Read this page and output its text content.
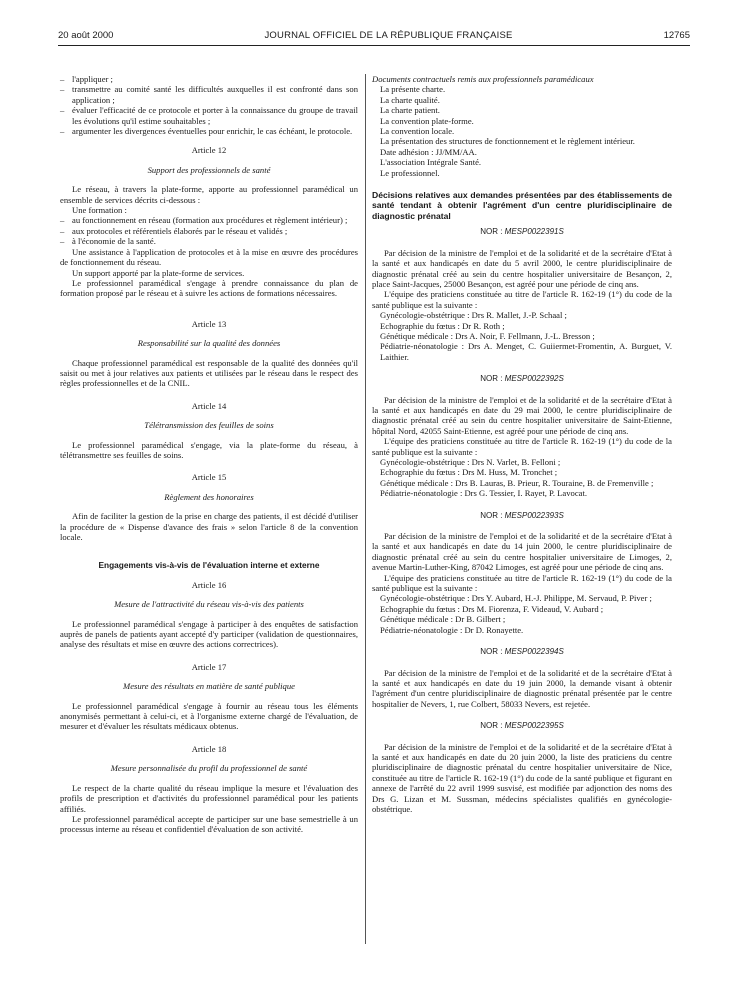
20 août 2000	JOURNAL OFFICIEL DE LA RÉPUBLIQUE FRANÇAISE	12765
– l'appliquer ;
– transmettre au comité santé les difficultés auxquelles il est confronté dans son application ;
– évaluer l'efficacité de ce protocole et porter à la connaissance du groupe de travail les évolutions qu'il estime souhaitables ;
– argumenter les divergences éventuelles pour enrichir, le cas échéant, le protocole.
Article 12
Support des professionnels de santé

Le réseau, à travers la plate-forme, apporte au professionnel paramédical un ensemble de services décrits ci-dessous :

Une formation :

– au fonctionnement en réseau (formation aux procédures et règlement intérieur) ;
– aux protocoles et référentiels élaborés par le réseau et validés ;
– à l'économie de la santé.

Une assistance à l'application de protocoles et à la mise en œuvre des procédures de fonctionnement du réseau.

Un support apporté par la plate-forme de services.

Le professionnel paramédical s'engage à prendre connaissance du plan de formation proposé par le réseau et à suivre les actions de formations nécessaires.

Article 13
Responsabilité sur la qualité des données

Chaque professionnel paramédical est responsable de la qualité des données qu'il saisit ou met à jour relatives aux patients et utilisées par le réseau dans le respect des règles professionnelles et de la CNIL.

Article 14
Télétransmission des feuilles de soins

Le professionnel paramédical s'engage, via la plate-forme du réseau, à télétransmettre ses feuilles de soins.

Article 15
Règlement des honoraires

Afin de faciliter la gestion de la prise en charge des patients, il est décidé d'utiliser la procédure de « Dispense d'avance des frais » selon l'article 8 de la convention locale.

Engagements vis-à-vis de l'évaluation interne et externe
Article 16
Mesure de l'attractivité du réseau vis-à-vis des patients

Le professionnel paramédical s'engage à participer à des enquêtes de satisfaction auprès de panels de patients ayant accepté d'y participer (validation de questionnaires, analyse des résultats et mise en œuvre des actions correctrices).

Article 17
Mesure des résultats en matière de santé publique

Le professionnel paramédical s'engage à fournir au réseau tous les éléments anonymisés permettant à celui-ci, et à l'organisme externe chargé de l'évaluation, de mesurer et d'évaluer les résultats médicaux obtenus.

Article 18
Mesure personnalisée du profil du professionnel de santé

Le respect de la charte qualité du réseau implique la mesure et l'évaluation des profils de prescription et d'activités du professionnel paramédical pour les patients affiliés.

Le professionnel paramédical accepte de participer sur une base semestrielle à un processus interne au réseau et confidentiel d'évaluation de son activité.

Documents contractuels remis aux professionnels paramédicaux

La présente charte.

La charte qualité.

La charte patient.

La convention plate-forme.

La convention locale.

La présentation des structures de fonctionnement et le règlement intérieur.

Date adhésion : JJ/MM/AA.

L'association Intégrale Santé.

Le professionnel.

Décisions relatives aux demandes présentées par des établissements de santé tendant à obtenir l'agrément d'un centre pluridisciplinaire de diagnostic prénatal
NOR : MESP0022391S

Par décision de la ministre de l'emploi et de la solidarité et de la secrétaire d'Etat à la santé et aux handicapés en date du 5 avril 2000, le centre pluridisciplinaire de diagnostic prénatal créé au sein du centre hospitalier universitaire de Besançon, 2, place Saint-Jacques, 25000 Besançon, est agréé pour une période de cinq ans.

L'équipe des praticiens constituée au titre de l'article R. 162-19 (1°) du code de la santé publique est la suivante :

Gynécologie-obstétrique : Drs R. Mallet, J.-P. Schaal ;

Echographie du fœtus : Dr R. Roth ;

Génétique médicale : Drs A. Noir, F. Fellmann, J.-L. Bresson ;

Pédiatrie-néonatologie : Drs A. Menget, C. Guiiermet-Fromentin, A. Burguet, V. Laithier.

NOR : MESP0022392S

Par décision de la ministre de l'emploi et de la solidarité et de la secrétaire d'Etat à la santé et aux handicapés en date du 29 mai 2000, le centre pluridisciplinaire de diagnostic prénatal créé au sein du centre hospitalier universitaire de Saint-Etienne, hôpital Nord, 42055 Saint-Etienne, est agréé pour une période de cinq ans.

L'équipe des praticiens constituée au titre de l'article R. 162-19 (1°) du code de la santé publique est la suivante :

Gynécologie-obstétrique : Drs N. Varlet, B. Felloni ;

Echographie du fœtus : Drs M. Huss, M. Tronchet ;

Génétique médicale : Drs B. Lauras, B. Prieur, R. Touraine, B. de Fremenville ;

Pédiatrie-néonatologie : Drs G. Tessier, I. Rayet, P. Lavocat.

NOR : MESP0022393S

Par décision de la ministre de l'emploi et de la solidarité et de la secrétaire d'Etat à la santé et aux handicapés en date du 14 juin 2000, le centre pluridisciplinaire de diagnostic prénatal créé au sein du centre hospitalier universitaire de Limoges, 2, avenue Martin-Luther-King, 87042 Limoges, est agréé pour une période de cinq ans.

L'équipe des praticiens constituée au titre de l'article R. 162-19 (1°) du code de la santé publique est la suivante :

Gynécologie-obstétrique : Drs Y. Aubard, H.-J. Philippe, M. Servaud, P. Piver ;

Echographie du fœtus : Drs M. Fiorenza, F. Videaud, V. Aubard ;

Génétique médicale : Dr B. Gilbert ;

Pédiatrie-néonatologie : Dr D. Ronayette.

NOR : MESP0022394S

Par décision de la ministre de l'emploi et de la solidarité et de la secrétaire d'Etat à la santé et aux handicapés en date du 19 juin 2000, la demande visant à obtenir l'agrément d'un centre pluridisciplinaire de diagnostic prénatal présentée par le centre hospitalier de Nevers, 1, rue Colbert, 58033 Nevers, est rejetée.

NOR : MESP0022395S

Par décision de la ministre de l'emploi et de la solidarité et de la secrétaire d'Etat à la santé et aux handicapés en date du 20 juin 2000, la liste des praticiens du centre pluridisciplinaire de diagnostic prénatal du centre hospitalier universitaire de Nice, constituée au titre de l'article R. 162-19 (1°) du code de la santé publique et figurant en annexe de l'arrêté du 22 avril 1999 susvisé, est modifiée par adjonction des noms des Drs G. Lizan et M. Sussman, médecins spécialistes qualifiés en gynécologie-obstétrique.
